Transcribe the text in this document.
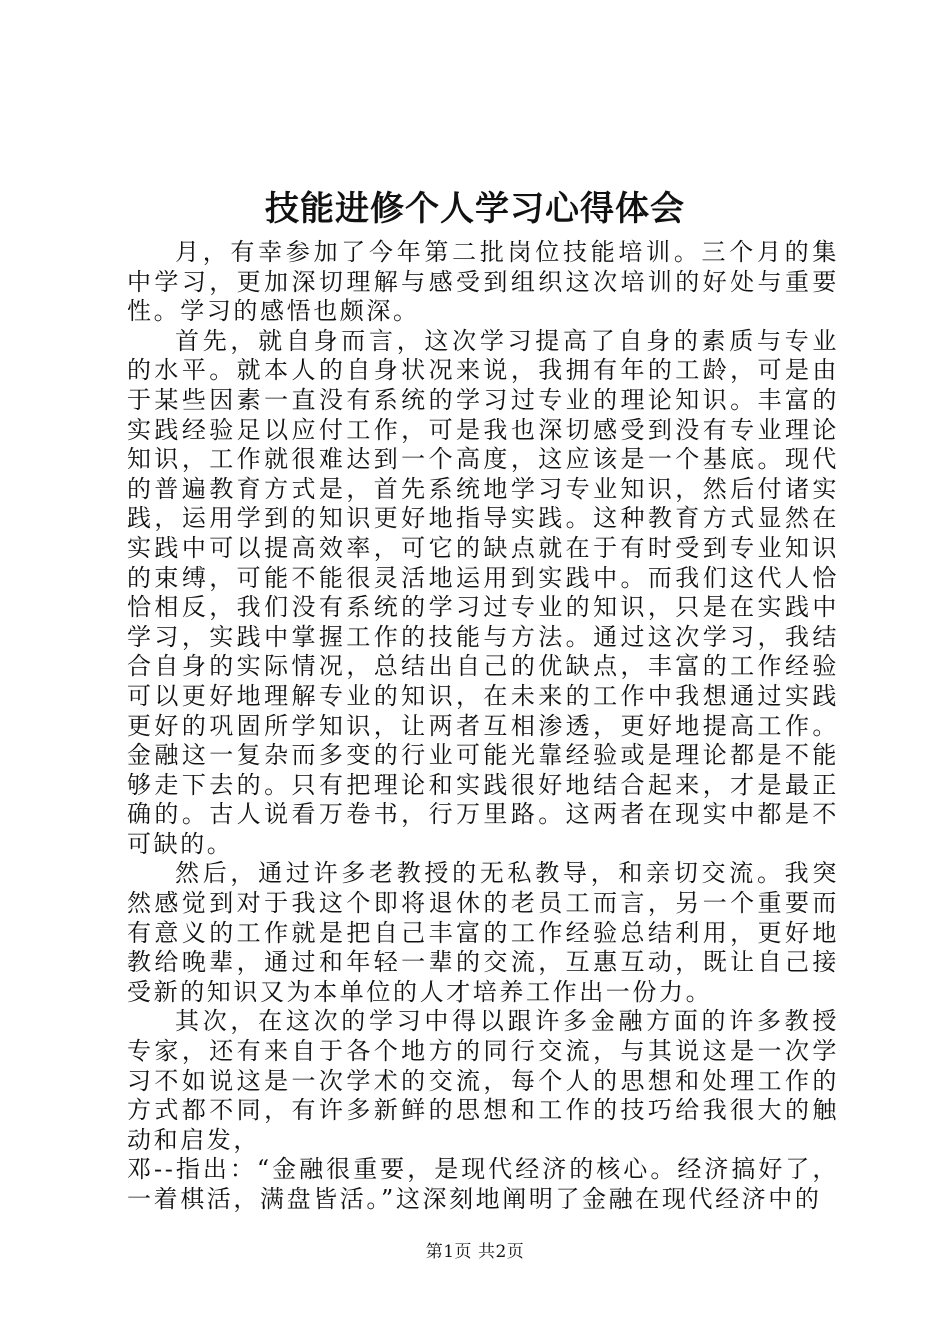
技能进修个人学习心得体会

月，有幸参加了今年第二批岗位技能培训。三个月的集中学习，更加深切理解与感受到组织这次培训的好处与重要性。学习的感悟也颇深。

首先，就自身而言，这次学习提高了自身的素质与专业的水平。就本人的自身状况来说，我拥有年的工龄，可是由于某些因素一直没有系统的学习过专业的理论知识。丰富的实践经验足以应付工作，可是我也深切感受到没有专业理论知识，工作就很难达到一个高度，这应该是一个基底。现代的普遍教育方式是，首先系统地学习专业知识，然后付诸实践，运用学到的知识更好地指导实践。这种教育方式显然在实践中可以提高效率，可它的缺点就在于有时受到专业知识的束缚，可能不能很灵活地运用到实践中。而我们这代人恰恰相反，我们没有系统的学习过专业的知识，只是在实践中学习，实践中掌握工作的技能与方法。通过这次学习，我结合自身的实际情况，总结出自己的优缺点，丰富的工作经验可以更好地理解专业的知识，在未来的工作中我想通过实践更好的巩固所学知识，让两者互相渗透，更好地提高工作。金融这一复杂而多变的行业可能光靠经验或是理论都是不能够走下去的。只有把理论和实践很好地结合起来，才是最正确的。古人说看万卷书，行万里路。这两者在现实中都是不可缺的。

然后，通过许多老教授的无私教导，和亲切交流。我突然感觉到对于我这个即将退休的老员工而言，另一个重要而有意义的工作就是把自己丰富的工作经验总结利用，更好地教给晚辈，通过和年轻一辈的交流，互惠互动，既让自己接受新的知识又为本单位的人才培养工作出一份力。

其次，在这次的学习中得以跟许多金融方面的许多教授专家，还有来自于各个地方的同行交流，与其说这是一次学习不如说这是一次学术的交流，每个人的思想和处理工作的方式都不同，有许多新鲜的思想和工作的技巧给我很大的触动和启发，

邓--指出：“金融很重要，是现代经济的核心。经济搞好了，一着棋活，满盘皆活。”这深刻地阐明了金融在现代经济中的

第1页 共2页
